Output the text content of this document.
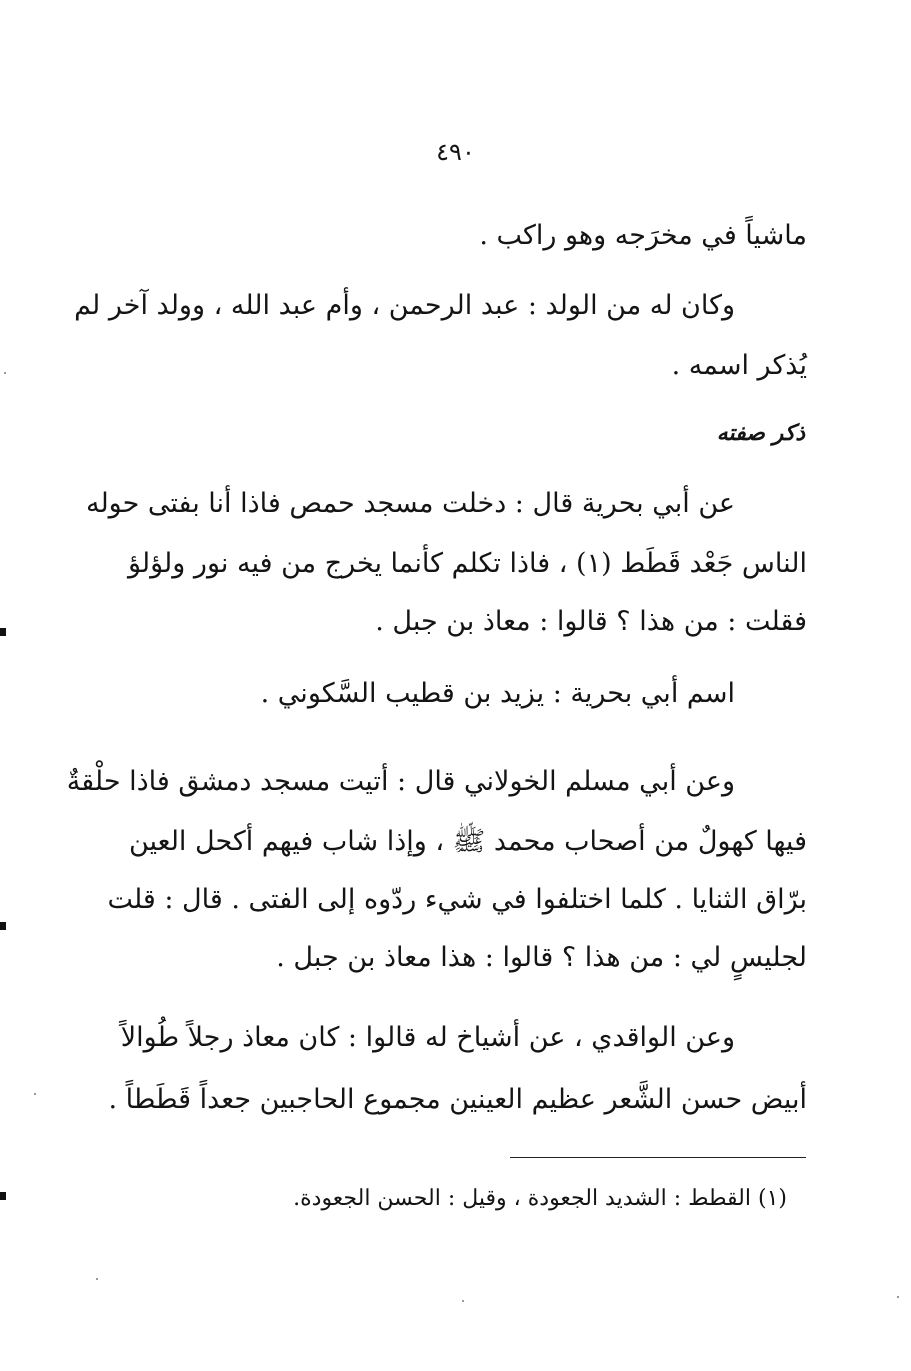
٤٩٠
ماشياً في مخرَجه وهو راكب .
وكان له من الولد : عبد الرحمن ، وأم عبد الله ، وولد آخر لم
يُذكر اسمه .
ذكر صفته
عن أبي بحرية قال : دخلت مسجد حمص فاذا أنا بفتى حوله
الناس جَعْد قَطَط (١) ، فاذا تكلم كأنما يخرج من فيه نور ولؤلؤ
فقلت : من هذا ؟ قالوا : معاذ بن جبل .
اسم أبي بحرية : يزيد بن قطيب السَّكوني .
وعن أبي مسلم الخولاني قال : أتيت مسجد دمشق فاذا حلْقةٌ
فيها كهولٌ من أصحاب محمد ﷺ ، وإذا شاب فيهم أكحل العين
برّاق الثنايا . كلما اختلفوا في شيء ردّوه إلى الفتى . قال : قلت
لجليسٍ لي : من هذا ؟ قالوا : هذا معاذ بن جبل .
وعن الواقدي ، عن أشياخ له قالوا : كان معاذ رجلاً طُوالاً
أبيض حسن الشَّعر عظيم العينين مجموع الحاجبين جعداً قَطَطاً .
(١) القطط : الشديد الجعودة ، وقيل : الحسن الجعودة.
